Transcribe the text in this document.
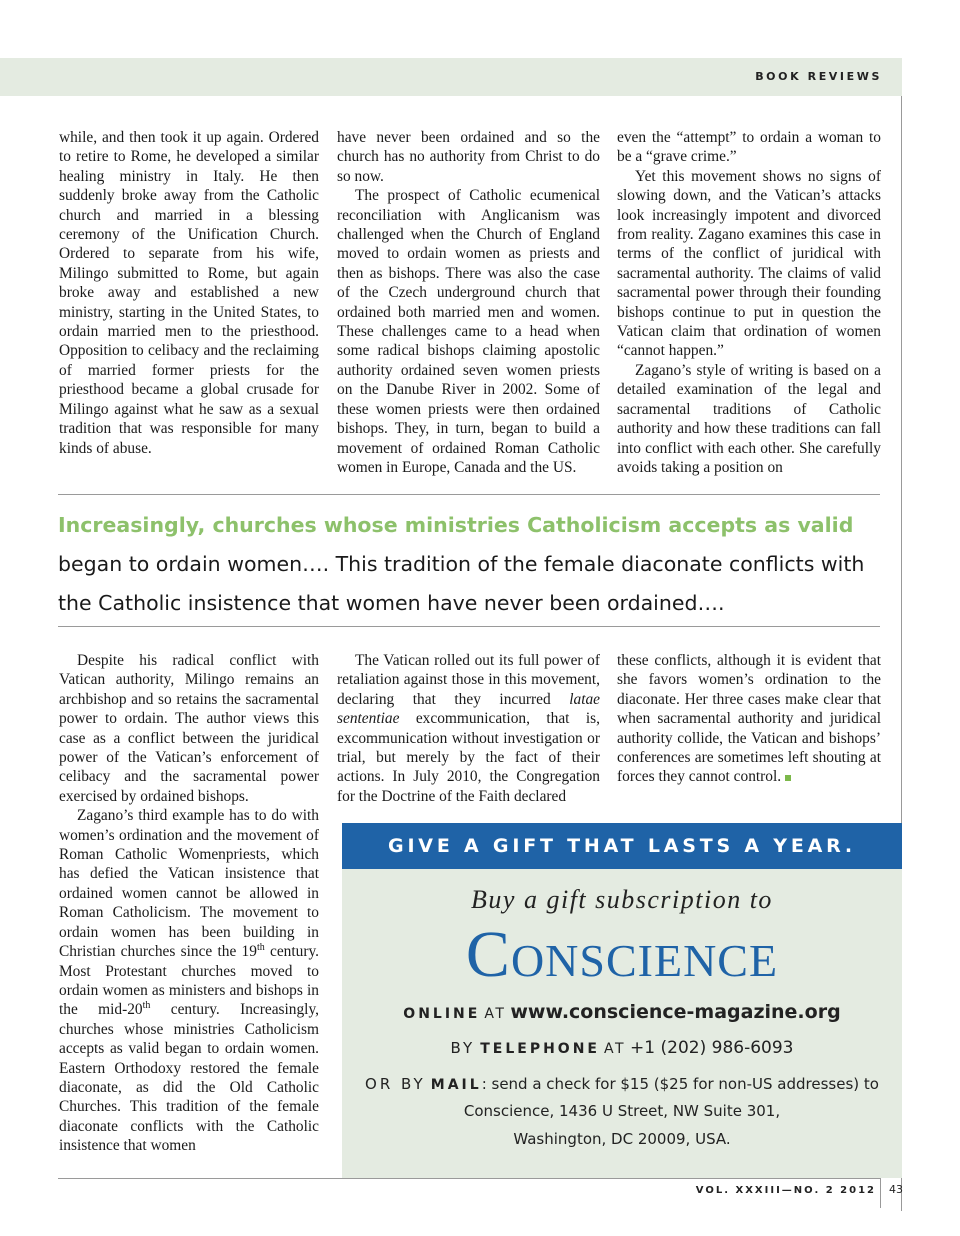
BOOK REVIEWS

while, and then took it up again. Ordered to retire to Rome, he developed a similar healing ministry in Italy. He then suddenly broke away from the Catholic church and married in a blessing ceremony of the Unification Church. Ordered to separate from his wife, Milingo submitted to Rome, but again broke away and established a new ministry, starting in the United States, to ordain married men to the priesthood. Opposition to celibacy and the reclaiming of married former priests for the priesthood became a global crusade for Milingo against what he saw as a sexual tradition that was responsible for many kinds of abuse.

have never been ordained and so the church has no authority from Christ to do so now.

The prospect of Catholic ecumenical reconciliation with Anglicanism was challenged when the Church of England moved to ordain women as priests and then as bishops. There was also the case of the Czech underground church that ordained both married men and women. These challenges came to a head when some radical bishops claiming apostolic authority ordained seven women priests on the Danube River in 2002. Some of these women priests were then ordained bishops. They, in turn, began to build a movement of ordained Roman Catholic women in Europe, Canada and the US.

even the “attempt” to ordain a woman to be a “grave crime.”

Yet this movement shows no signs of slowing down, and the Vatican’s attacks look increasingly impotent and divorced from reality. Zagano examines this case in terms of the conflict of juridical with sacramental authority. The claims of valid sacramental power through their founding bishops continue to put in question the Vatican claim that ordination of women “cannot happen.”

Zagano’s style of writing is based on a detailed examination of the legal and sacramental traditions of Catholic authority and how these traditions can fall into conflict with each other. She carefully avoids taking a position on

Increasingly, churches whose ministries Catholicism accepts as valid began to ordain women…. This tradition of the female diaconate conflicts with the Catholic insistence that women have never been ordained….

Despite his radical conflict with Vatican authority, Milingo remains an archbishop and so retains the sacramental power to ordain. The author views this case as a conflict between the juridical power of the Vatican’s enforcement of celibacy and the sacramental power exercised by ordained bishops.

Zagano’s third example has to do with women’s ordination and the movement of Roman Catholic Womenpriests, which has defied the Vatican insistence that ordained women cannot be allowed in Roman Catholicism. The movement to ordain women has been building in Christian churches since the 19th century. Most Protestant churches moved to ordain women as ministers and bishops in the mid-20th century. Increasingly, churches whose ministries Catholicism accepts as valid began to ordain women. Eastern Orthodoxy restored the female diaconate, as did the Old Catholic Churches. This tradition of the female diaconate conflicts with the Catholic insistence that women

The Vatican rolled out its full power of retaliation against those in this movement, declaring that they incurred latae sententiae excommunication, that is, excommunication without investigation or trial, but merely by the fact of their actions. In July 2010, the Congregation for the Doctrine of the Faith declared

these conflicts, although it is evident that she favors women’s ordination to the diaconate. Her three cases make clear that when sacramental authority and juridical authority collide, the Vatican and bishops’ conferences are sometimes left shouting at forces they cannot control.

GIVE A GIFT THAT LASTS A YEAR.
Buy a gift subscription to
Conscience
ONLINE AT www.conscience-magazine.org
BY TELEPHONE AT +1 (202) 986-6093
OR BY MAIL: send a check for $15 ($25 for non-US addresses) to
Conscience, 1436 U Street, NW Suite 301,
Washington, DC 20009, USA.
VOL. XXXIII—NO. 2 2012 43
